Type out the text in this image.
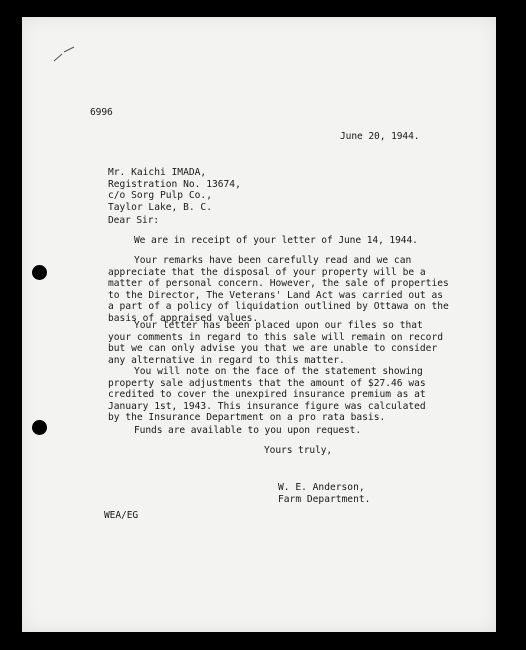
6996
June 20, 1944.
Mr. Kaichi IMADA,
Registration No. 13674,
c/o Sorg Pulp Co.,
Taylor Lake, B. C.
Dear Sir:
We are in receipt of your letter of June 14, 1944.
Your remarks have been carefully read and we can
appreciate that the disposal of your property will be a
matter of personal concern. However, the sale of properties
to the Director, The Veterans' Land Act was carried out as
a part of a policy of liquidation outlined by Ottawa on the
basis of appraised values.
Your letter has been placed upon our files so that
your comments in regard to this sale will remain on record
but we can only advise you that we are unable to consider
any alternative in regard to this matter.
You will note on the face of the statement showing
property sale adjustments that the amount of $27.46 was
credited to cover the unexpired insurance premium as at
January 1st, 1943. This insurance figure was calculated
by the Insurance Department on a pro rata basis.
Funds are available to you upon request.
Yours truly,
W. E. Anderson,
Farm Department.
WEA/EG
